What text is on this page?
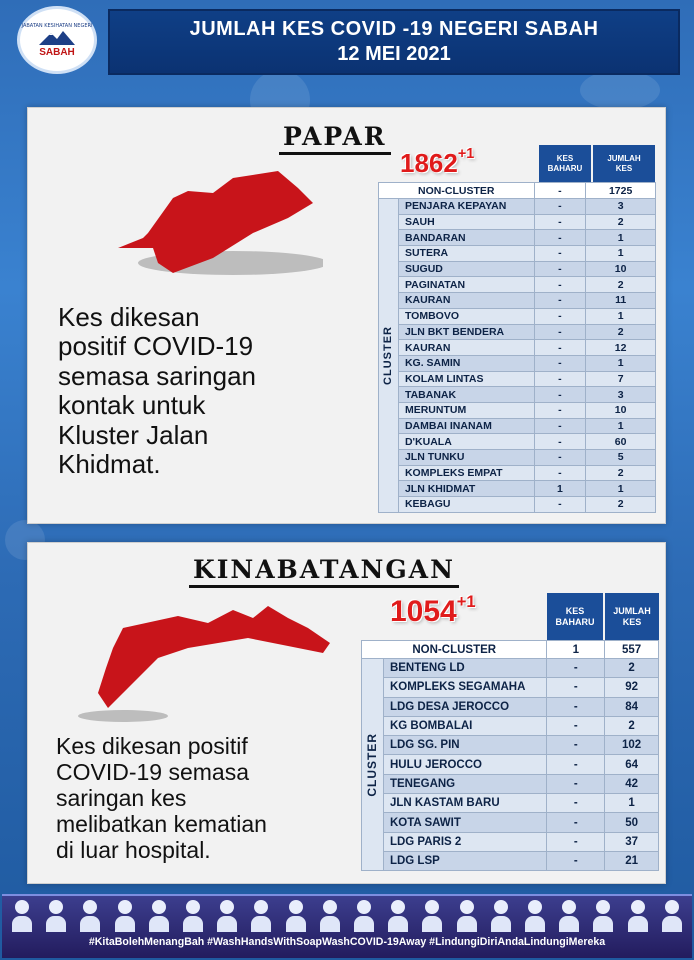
JABATAN KESIHATAN NEGERI
SABAH
JUMLAH KES COVID -19 NEGERI SABAH
12 MEI 2021
PAPAR
$1862^{+1}$
Kes dikesan
positif COVID-19
semasa saringan
kontak untuk
Kluster Jalan
Khidmat.
KES BAHARU
JUMLAH KES
NON-CLUSTER		-	1725

CLUSTER	PENJARA KEPAYAN	-	3
	SAUH	-	2
	BANDARAN	-	1
	SUTERA	-	1
	SUGUD	-	10
	PAGINATAN	-	2
	KAURAN	-	11
	TOMBOVO	-	1
	JLN BKT BENDERA	-	2
	KAURAN	-	12
	KG. SAMIN	-	1
	KOLAM LINTAS	-	7
	TABANAK	-	3
	MERUNTUM	-	10
	DAMBAI INANAM	-	1
	D'KUALA	-	60
	JLN TUNKU	-	5
	KOMPLEKS EMPAT	-	2
	JLN KHIDMAT	1	1
	KEBAGU	-	2
KINABATANGAN
$1054^{+1}$
Kes dikesan positif
COVID-19 semasa
saringan kes
melibatkan kematian
di luar hospital.
KES BAHARU
JUMLAH KES
NON-CLUSTER		1	557

CLUSTER	BENTENG LD	-	2
	KOMPLEKS SEGAMAHA	-	92
	LDG DESA JEROCCO	-	84
	KG BOMBALAI	-	2
	LDG SG. PIN	-	102
	HULU JEROCCO	-	64
	TENEGANG	-	42
	JLN KASTAM BARU	-	1
	KOTA SAWIT	-	50
	LDG PARIS 2	-	37
	LDG LSP	-	21
#KitaBolehMenangBah #WashHandsWithSoapWashCOVID-19Away #LindungiDiriAndaLindungiMereka
